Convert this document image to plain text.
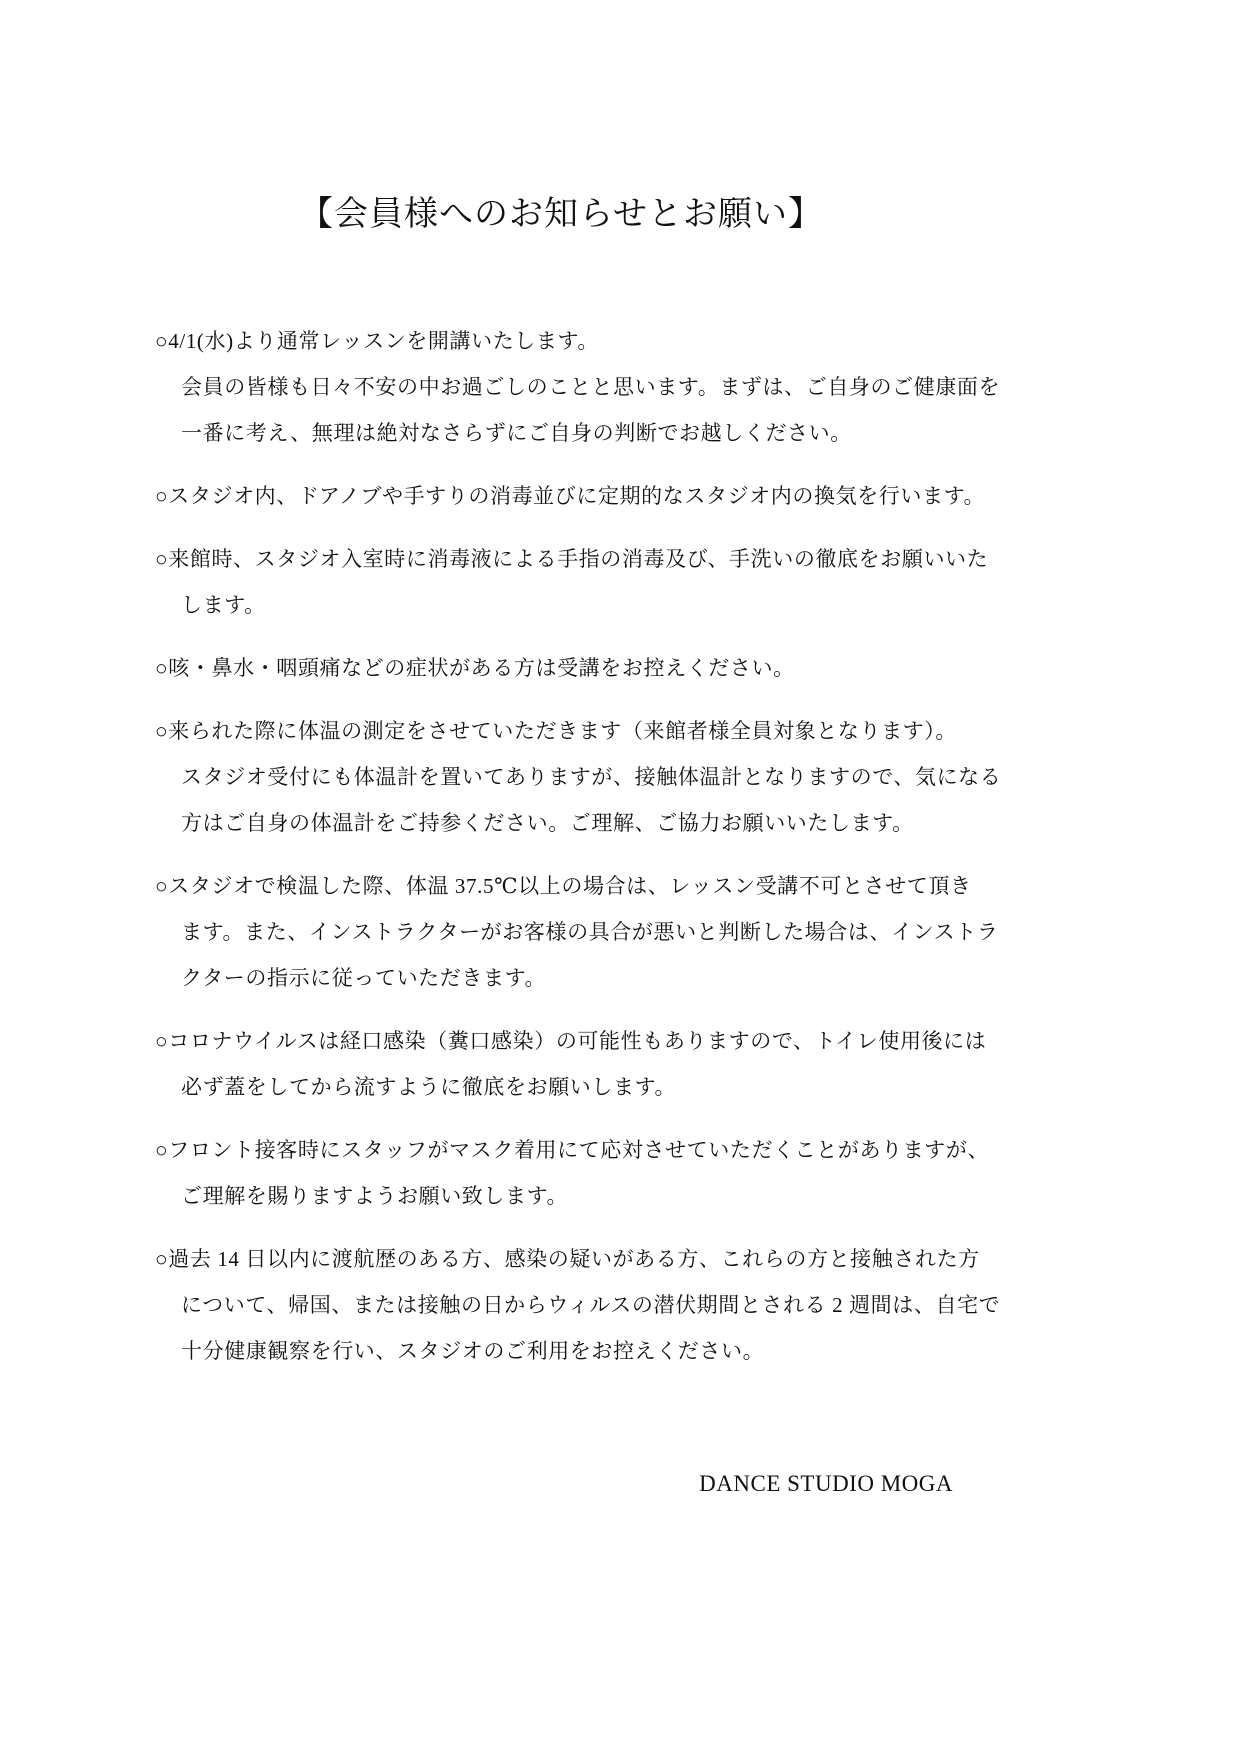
【会員様へのお知らせとお願い】
○4/1(水)より通常レッスンを開講いたします。
会員の皆様も日々不安の中お過ごしのことと思います。まずは、ご自身のご健康面を
一番に考え、無理は絶対なさらずにご自身の判断でお越しください。
○スタジオ内、ドアノブや手すりの消毒並びに定期的なスタジオ内の換気を行います。
○来館時、スタジオ入室時に消毒液による手指の消毒及び、手洗いの徹底をお願いいた
します。
○咳・鼻水・咽頭痛などの症状がある方は受講をお控えください。
○来られた際に体温の測定をさせていただきます（来館者様全員対象となります）。
スタジオ受付にも体温計を置いてありますが、接触体温計となりますので、気になる
方はご自身の体温計をご持参ください。ご理解、ご協力お願いいたします。
○スタジオで検温した際、体温 37.5℃以上の場合は、レッスン受講不可とさせて頂き
ます。また、インストラクターがお客様の具合が悪いと判断した場合は、インストラ
クターの指示に従っていただきます。
○コロナウイルスは経口感染（糞口感染）の可能性もありますので、トイレ使用後には
必ず蓋をしてから流すように徹底をお願いします。
○フロント接客時にスタッフがマスク着用にて応対させていただくことがありますが、
ご理解を賜りますようお願い致します。
○過去 14 日以内に渡航歴のある方、感染の疑いがある方、これらの方と接触された方
について、帰国、または接触の日からウィルスの潜伏期間とされる 2 週間は、自宅で
十分健康観察を行い、スタジオのご利用をお控えください。
DANCE STUDIO MOGA
